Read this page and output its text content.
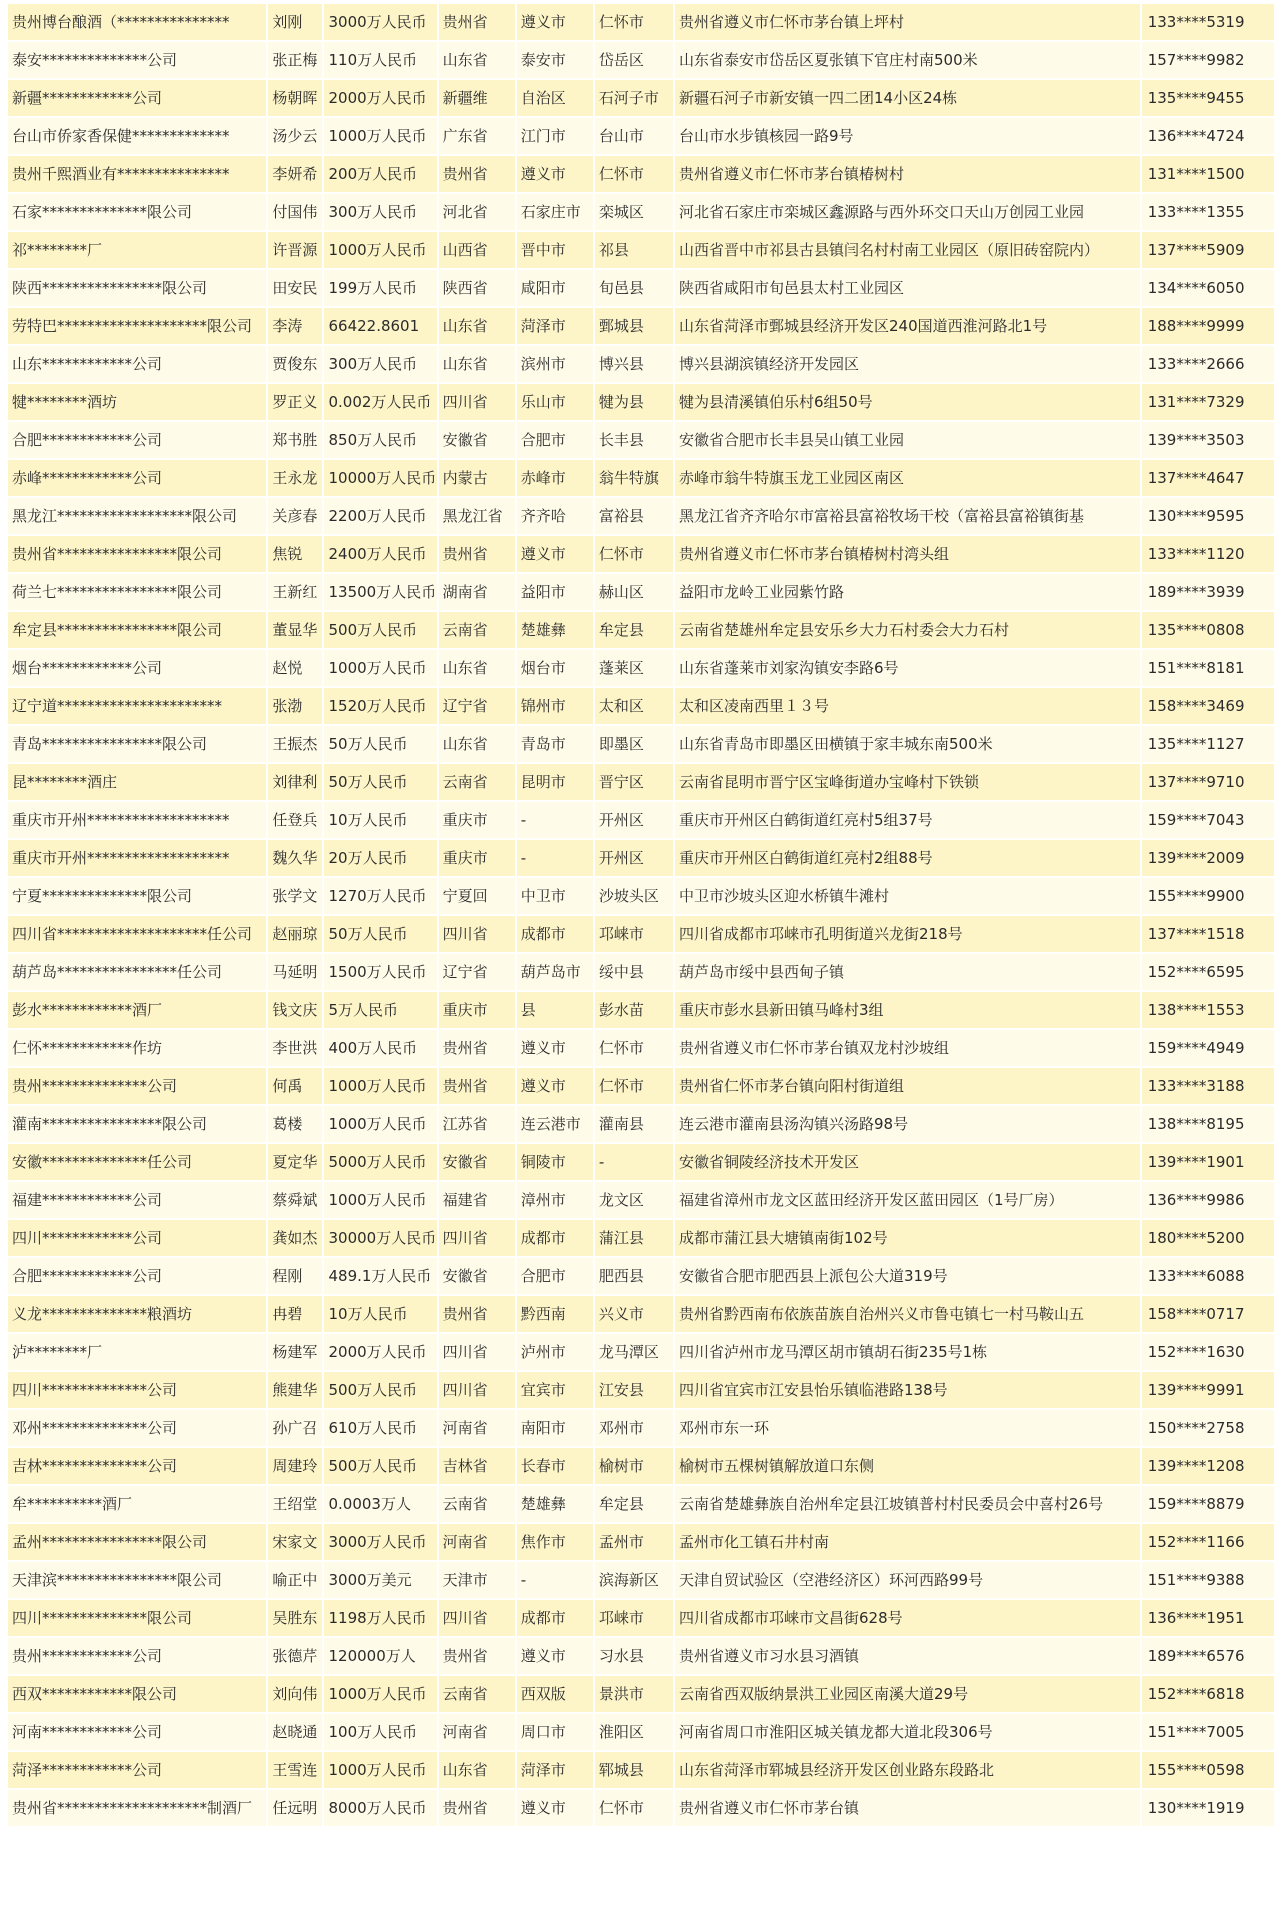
贵州博台酿酒（***************	刘刚	3000万人民币	贵州省	遵义市	仁怀市	贵州省遵义市仁怀市茅台镇上坪村	133****5319
泰安**************公司	张正梅	110万人民币	山东省	泰安市	岱岳区	山东省泰安市岱岳区夏张镇下官庄村南500米	157****9982
新疆************公司	杨朝晖	2000万人民币	新疆维	自治区	石河子市	新疆石河子市新安镇一四二团14小区24栋	135****9455
台山市侨家香保健*************	汤少云	1000万人民币	广东省	江门市	台山市	台山市水步镇核园一路9号	136****4724
贵州千熙酒业有***************	李妍希	200万人民币	贵州省	遵义市	仁怀市	贵州省遵义市仁怀市茅台镇椿树村	131****1500
石家**************限公司	付国伟	300万人民币	河北省	石家庄市	栾城区	河北省石家庄市栾城区鑫源路与西外环交口天山万创园工业园	133****1355
祁********厂	许晋源	1000万人民币	山西省	晋中市	祁县	山西省晋中市祁县古县镇闫名村村南工业园区（原旧砖窑院内）	137****5909
陕西****************限公司	田安民	199万人民币	陕西省	咸阳市	旬邑县	陕西省咸阳市旬邑县太村工业园区	134****6050
劳特巴********************限公司	李涛	66422.8601	山东省	菏泽市	鄄城县	山东省菏泽市鄄城县经济开发区240国道西淮河路北1号	188****9999
山东************公司	贾俊东	300万人民币	山东省	滨州市	博兴县	博兴县湖滨镇经济开发园区	133****2666
犍********酒坊	罗正义	0.002万人民币	四川省	乐山市	犍为县	犍为县清溪镇伯乐村6组50号	131****7329
合肥************公司	郑书胜	850万人民币	安徽省	合肥市	长丰县	安徽省合肥市长丰县吴山镇工业园	139****3503
赤峰************公司	王永龙	10000万人民币	内蒙古	赤峰市	翁牛特旗	赤峰市翁牛特旗玉龙工业园区南区	137****4647
黑龙江******************限公司	关彦春	2200万人民币	黑龙江省	齐齐哈	富裕县	黑龙江省齐齐哈尔市富裕县富裕牧场干校（富裕县富裕镇街基	130****9595
贵州省****************限公司	焦锐	2400万人民币	贵州省	遵义市	仁怀市	贵州省遵义市仁怀市茅台镇椿树村湾头组	133****1120
荷兰七****************限公司	王新红	13500万人民币	湖南省	益阳市	赫山区	益阳市龙岭工业园紫竹路	189****3939
牟定县****************限公司	董显华	500万人民币	云南省	楚雄彝	牟定县	云南省楚雄州牟定县安乐乡大力石村委会大力石村	135****0808
烟台************公司	赵悦	1000万人民币	山东省	烟台市	蓬莱区	山东省蓬莱市刘家沟镇安李路6号	151****8181
辽宁道**********************	张渤	1520万人民币	辽宁省	锦州市	太和区	太和区凌南西里１３号	158****3469
青岛****************限公司	王振杰	50万人民币	山东省	青岛市	即墨区	山东省青岛市即墨区田横镇于家丰城东南500米	135****1127
昆********酒庄	刘律利	50万人民币	云南省	昆明市	晋宁区	云南省昆明市晋宁区宝峰街道办宝峰村下铁锁	137****9710
重庆市开州*******************	任登兵	10万人民币	重庆市	-	开州区	重庆市开州区白鹤街道红亮村5组37号	159****7043
重庆市开州*******************	魏久华	20万人民币	重庆市	-	开州区	重庆市开州区白鹤街道红亮村2组88号	139****2009
宁夏**************限公司	张学文	1270万人民币	宁夏回	中卫市	沙坡头区	中卫市沙坡头区迎水桥镇牛滩村	155****9900
四川省********************任公司	赵丽琼	50万人民币	四川省	成都市	邛崃市	四川省成都市邛崃市孔明街道兴龙街218号	137****1518
葫芦岛****************任公司	马延明	1500万人民币	辽宁省	葫芦岛市	绥中县	葫芦岛市绥中县西甸子镇	152****6595
彭水************酒厂	钱文庆	5万人民币	重庆市	县	彭水苗	重庆市彭水县新田镇马峰村3组	138****1553
仁怀************作坊	李世洪	400万人民币	贵州省	遵义市	仁怀市	贵州省遵义市仁怀市茅台镇双龙村沙坡组	159****4949
贵州**************公司	何禹	1000万人民币	贵州省	遵义市	仁怀市	贵州省仁怀市茅台镇向阳村街道组	133****3188
灌南****************限公司	葛楼	1000万人民币	江苏省	连云港市	灌南县	连云港市灌南县汤沟镇兴汤路98号	138****8195
安徽**************任公司	夏定华	5000万人民币	安徽省	铜陵市	-	安徽省铜陵经济技术开发区	139****1901
福建************公司	蔡舜斌	1000万人民币	福建省	漳州市	龙文区	福建省漳州市龙文区蓝田经济开发区蓝田园区（1号厂房）	136****9986
四川************公司	龚如杰	30000万人民币	四川省	成都市	蒲江县	成都市蒲江县大塘镇南街102号	180****5200
合肥************公司	程刚	489.1万人民币	安徽省	合肥市	肥西县	安徽省合肥市肥西县上派包公大道319号	133****6088
义龙**************粮酒坊	冉碧	10万人民币	贵州省	黔西南	兴义市	贵州省黔西南布依族苗族自治州兴义市鲁屯镇七一村马鞍山五	158****0717
泸********厂	杨建军	2000万人民币	四川省	泸州市	龙马潭区	四川省泸州市龙马潭区胡市镇胡石街235号1栋	152****1630
四川**************公司	熊建华	500万人民币	四川省	宜宾市	江安县	四川省宜宾市江安县怡乐镇临港路138号	139****9991
邓州**************公司	孙广召	610万人民币	河南省	南阳市	邓州市	邓州市东一环	150****2758
吉林**************公司	周建玲	500万人民币	吉林省	长春市	榆树市	榆树市五棵树镇解放道口东侧	139****1208
牟**********酒厂	王绍堂	0.0003万人	云南省	楚雄彝	牟定县	云南省楚雄彝族自治州牟定县江坡镇普村村民委员会中喜村26号	159****8879
孟州****************限公司	宋家文	3000万人民币	河南省	焦作市	孟州市	孟州市化工镇石井村南	152****1166
天津滨****************限公司	喻正中	3000万美元	天津市	-	滨海新区	天津自贸试验区（空港经济区）环河西路99号	151****9388
四川**************限公司	吴胜东	1198万人民币	四川省	成都市	邛崃市	四川省成都市邛崃市文昌街628号	136****1951
贵州************公司	张德芹	120000万人	贵州省	遵义市	习水县	贵州省遵义市习水县习酒镇	189****6576
西双************限公司	刘向伟	1000万人民币	云南省	西双版	景洪市	云南省西双版纳景洪工业园区南溪大道29号	152****6818
河南************公司	赵晓通	100万人民币	河南省	周口市	淮阳区	河南省周口市淮阳区城关镇龙都大道北段306号	151****7005
菏泽************公司	王雪连	1000万人民币	山东省	菏泽市	郓城县	山东省菏泽市郓城县经济开发区创业路东段路北	155****0598
贵州省********************制酒厂	任远明	8000万人民币	贵州省	遵义市	仁怀市	贵州省遵义市仁怀市茅台镇	130****1919
